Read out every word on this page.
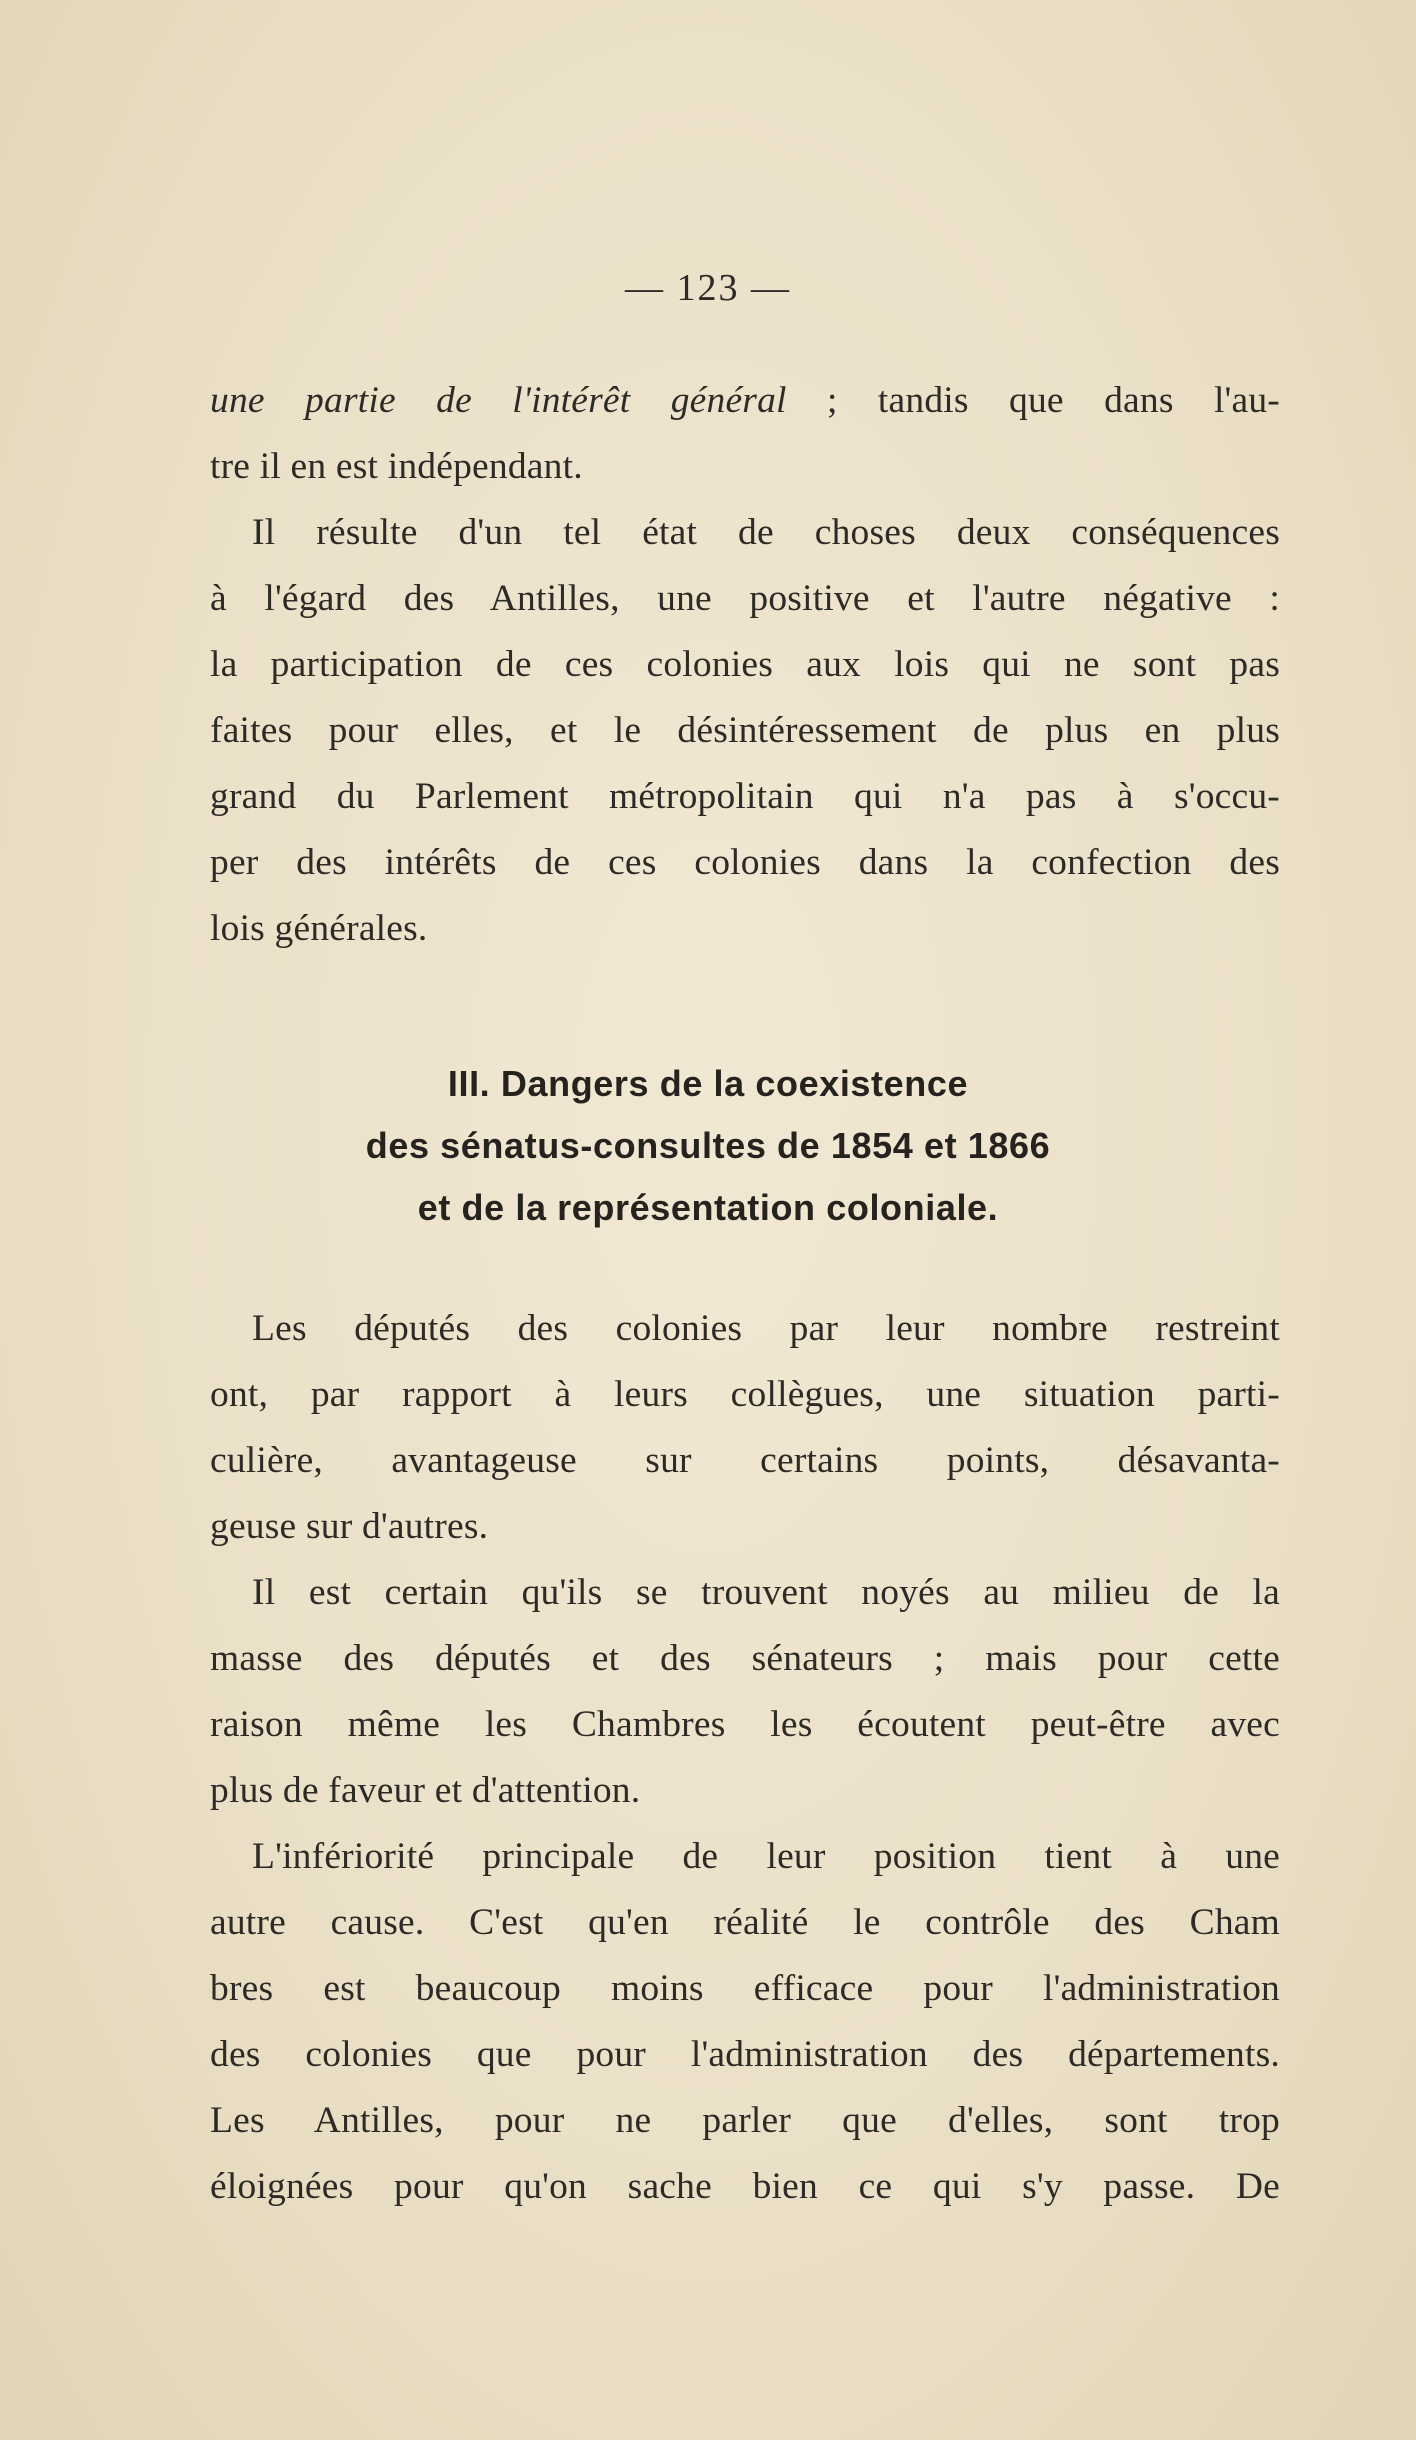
— 123 —
une partie de l'intérêt général ; tandis que dans l'au-
tre il en est indépendant.
Il résulte d'un tel état de choses deux conséquences
à l'égard des Antilles, une positive et l'autre négative :
la participation de ces colonies aux lois qui ne sont pas
faites pour elles, et le désintéressement de plus en plus
grand du Parlement métropolitain qui n'a pas à s'occu-
per des intérêts de ces colonies dans la confection des
lois générales.
III. Dangers de la coexistence
des sénatus-consultes de 1854 et 1866
et de la représentation coloniale.
Les députés des colonies par leur nombre restreint
ont, par rapport à leurs collègues, une situation parti-
culière, avantageuse sur certains points, désavanta-
geuse sur d'autres.
Il est certain qu'ils se trouvent noyés au milieu de la
masse des députés et des sénateurs ; mais pour cette
raison même les Chambres les écoutent peut-être avec
plus de faveur et d'attention.
L'infériorité principale de leur position tient à une
autre cause. C'est qu'en réalité le contrôle des Cham
bres est beaucoup moins efficace pour l'administration
des colonies que pour l'administration des départements.
Les Antilles, pour ne parler que d'elles, sont trop
éloignées pour qu'on sache bien ce qui s'y passe. De
